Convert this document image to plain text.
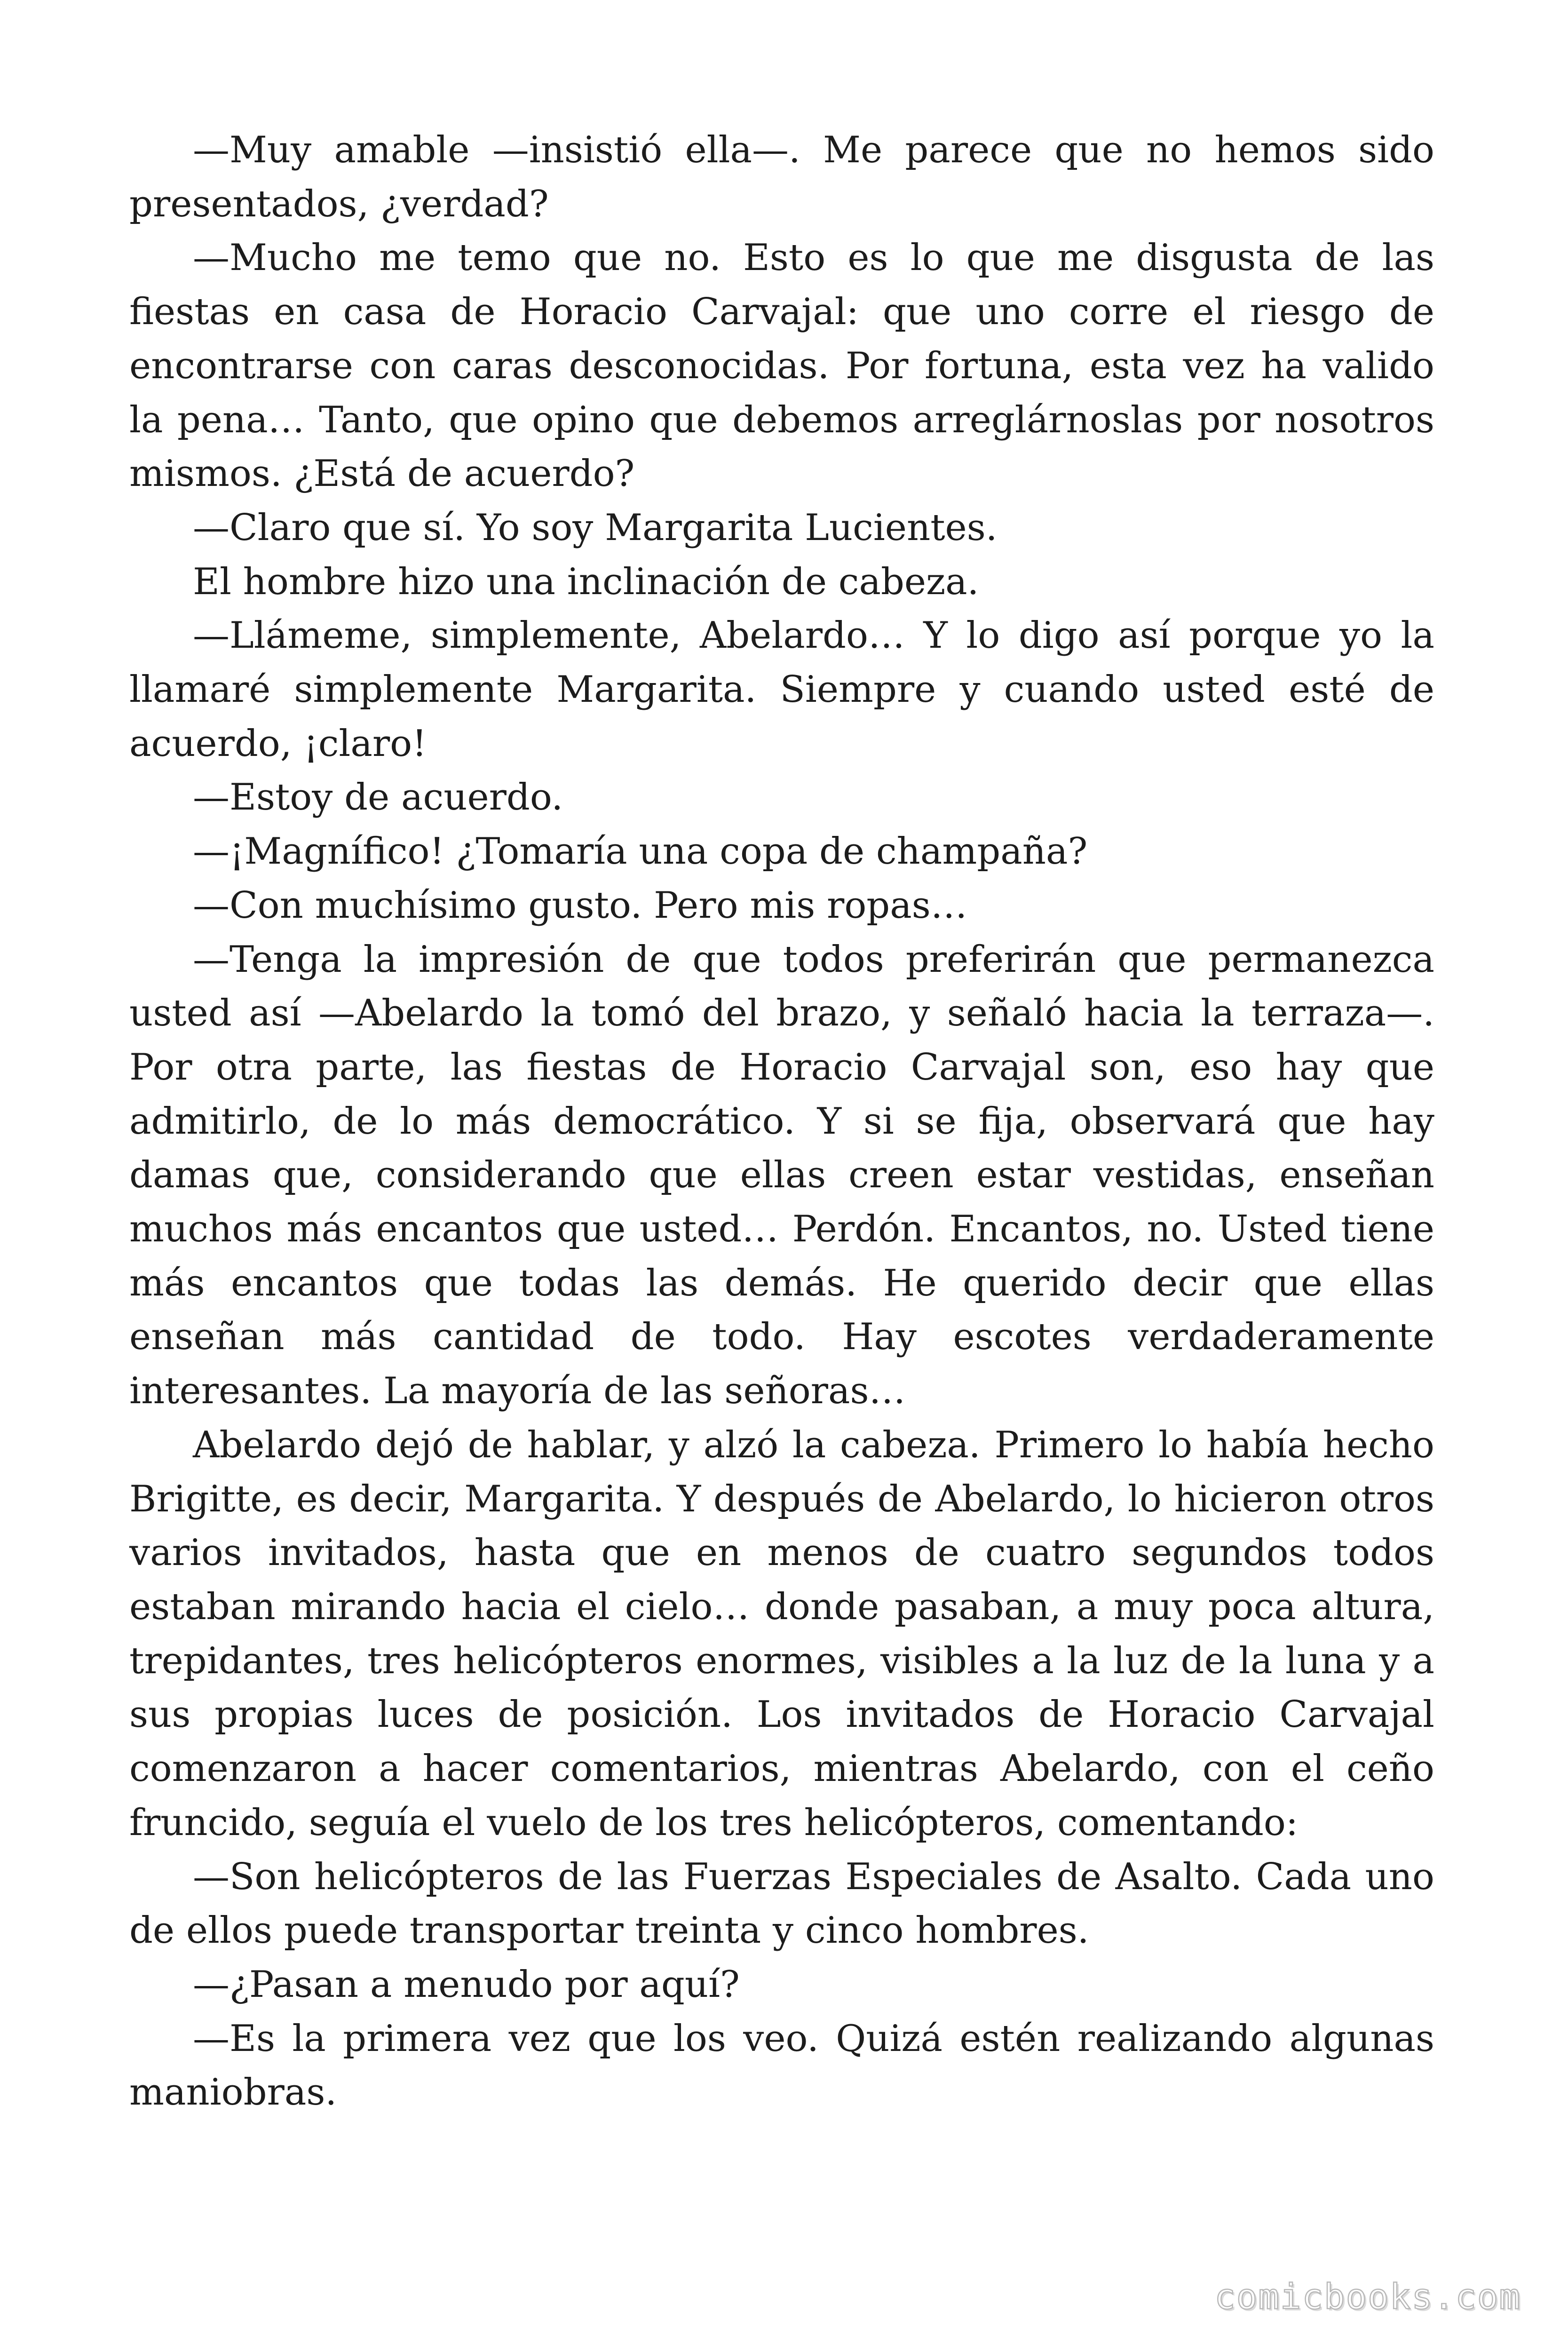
—Muy amable —insistió ella—. Me parece que no hemos sido presentados, ¿verdad?

—Mucho me temo que no. Esto es lo que me disgusta de las fiestas en casa de Horacio Carvajal: que uno corre el riesgo de encontrarse con caras desconocidas. Por fortuna, esta vez ha valido la pena… Tanto, que opino que debemos arreglárnoslas por nosotros mismos. ¿Está de acuerdo?

—Claro que sí. Yo soy Margarita Lucientes.

El hombre hizo una inclinación de cabeza.

—Llámeme, simplemente, Abelardo… Y lo digo así porque yo la llamaré simplemente Margarita. Siempre y cuando usted esté de acuerdo, ¡claro!

—Estoy de acuerdo.

—¡Magnífico! ¿Tomaría una copa de champaña?

—Con muchísimo gusto. Pero mis ropas…

—Tenga la impresión de que todos preferirán que permanezca usted así —Abelardo la tomó del brazo, y señaló hacia la terraza—. Por otra parte, las fiestas de Horacio Carvajal son, eso hay que admitirlo, de lo más democrático. Y si se fija, observará que hay damas que, considerando que ellas creen estar vestidas, enseñan muchos más encantos que usted… Perdón. Encantos, no. Usted tiene más encantos que todas las demás. He querido decir que ellas enseñan más cantidad de todo. Hay escotes verdaderamente interesantes. La mayoría de las señoras…

Abelardo dejó de hablar, y alzó la cabeza. Primero lo había hecho Brigitte, es decir, Margarita. Y después de Abelardo, lo hicieron otros varios invitados, hasta que en menos de cuatro segundos todos estaban mirando hacia el cielo… donde pasaban, a muy poca altura, trepidantes, tres helicópteros enormes, visibles a la luz de la luna y a sus propias luces de posición. Los invitados de Horacio Carvajal comenzaron a hacer comentarios, mientras Abelardo, con el ceño fruncido, seguía el vuelo de los tres helicópteros, comentando:

—Son helicópteros de las Fuerzas Especiales de Asalto. Cada uno de ellos puede transportar treinta y cinco hombres.

—¿Pasan a menudo por aquí?

—Es la primera vez que los veo. Quizá estén realizando algunas maniobras.

comicbooks.com
